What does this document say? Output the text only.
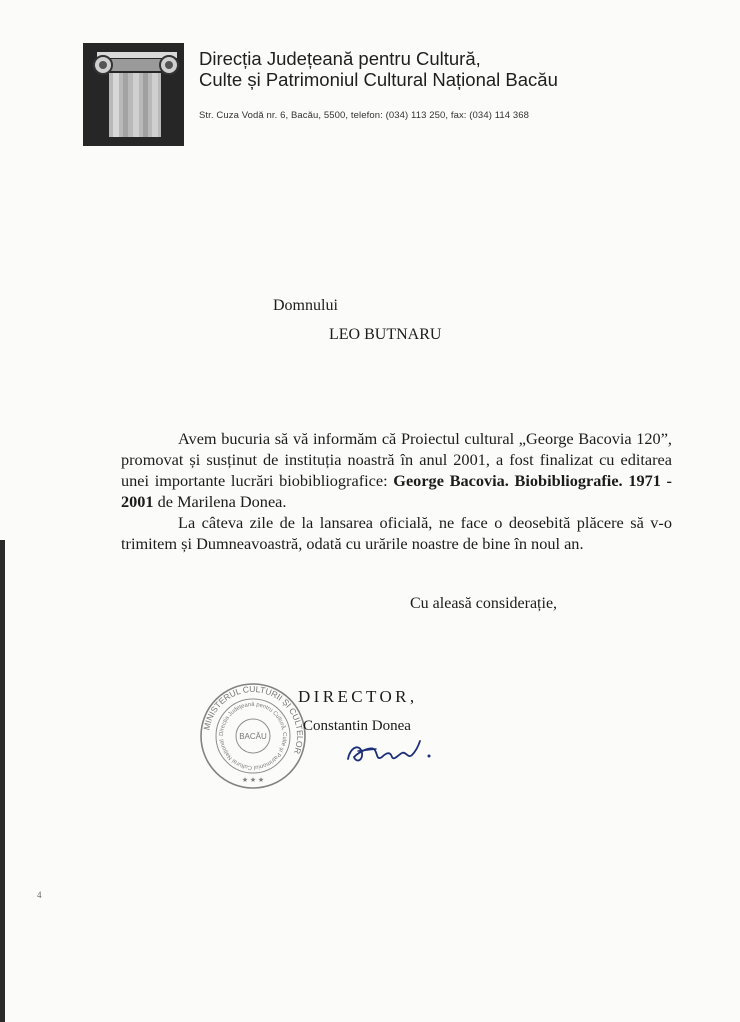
Direcția Județeană pentru Cultură,
Culte și Patrimoniul Cultural Național Bacău
Str. Cuza Vodă nr. 6, Bacău, 5500, telefon: (034) 113 250, fax: (034) 114 368
Domnului
LEO BUTNARU

Avem bucuria să vă informăm că Proiectul cultural „George Bacovia 120”, promovat și susținut de instituția noastră în anul 2001, a fost finalizat cu editarea unei importante lucrări biobibliografice: George Bacovia. Biobibliografie. 1971 - 2001 de Marilena Donea.

La câteva zile de la lansarea oficială, ne face o deosebită plăcere să v-o trimitem și Dumneavoastră, odată cu urările noastre de bine în noul an.

Cu aleasă considerație,
MINISTERUL CULTURII ȘI CULTELOR
Direcția Județeană pentru Cultură, Culte și Patrimoniul Cultural Național	BACĂU
★ ★ ★
DIRECTOR,
Constantin Donea
4
